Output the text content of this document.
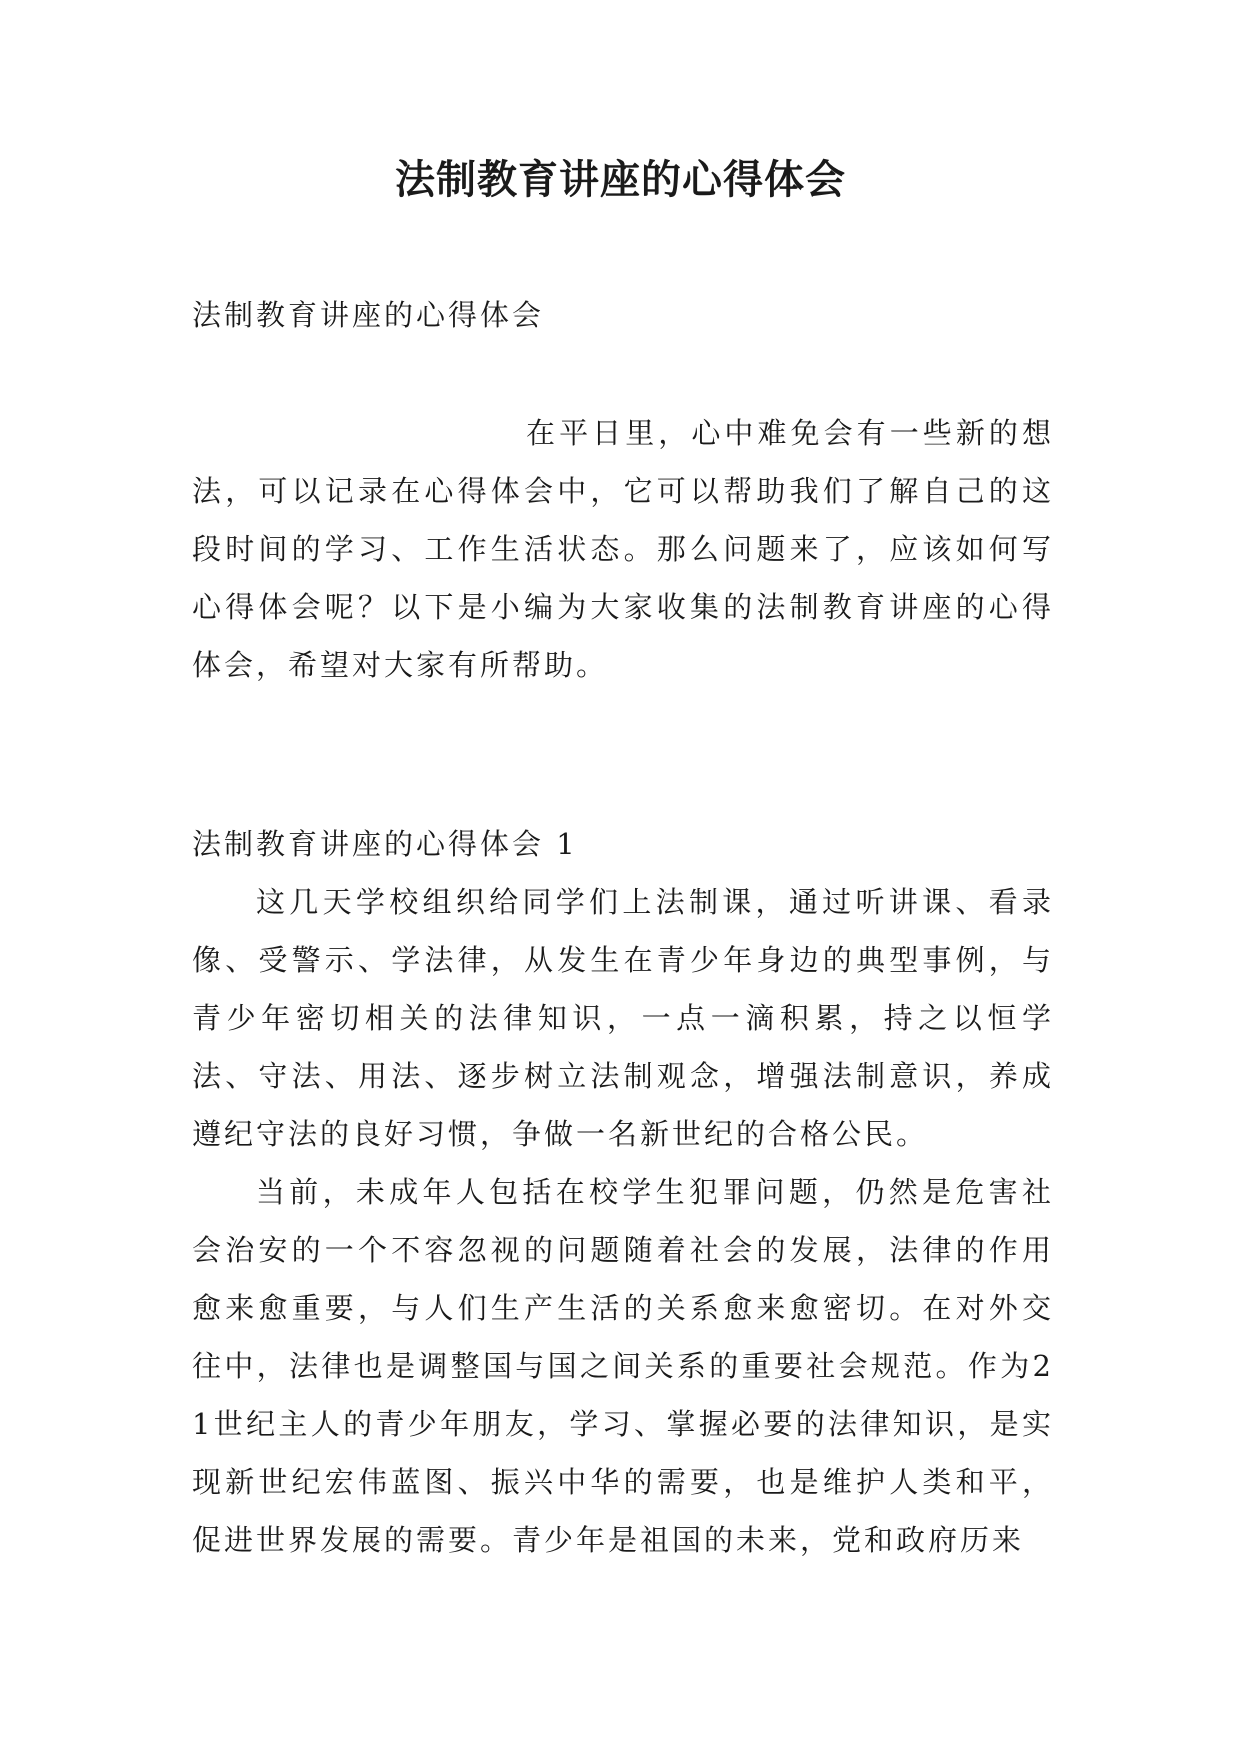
法制教育讲座的心得体会
法制教育讲座的心得体会
在平日里，心中难免会有一些新的想法，可以记录在心得体会中，它可以帮助我们了解自己的这段时间的学习、工作生活状态。那么问题来了，应该如何写心得体会呢？以下是小编为大家收集的法制教育讲座的心得体会，希望对大家有所帮助。
法制教育讲座的心得体会 1
这几天学校组织给同学们上法制课，通过听讲课、看录像、受警示、学法律，从发生在青少年身边的典型事例，与青少年密切相关的法律知识，一点一滴积累，持之以恒学法、守法、用法、逐步树立法制观念，增强法制意识，养成遵纪守法的良好习惯，争做一名新世纪的合格公民。
当前，未成年人包括在校学生犯罪问题，仍然是危害社会治安的一个不容忽视的问题随着社会的发展，法律的作用愈来愈重要，与人们生产生活的关系愈来愈密切。在对外交往中，法律也是调整国与国之间关系的重要社会规范。作为21世纪主人的青少年朋友，学习、掌握必要的法律知识，是实现新世纪宏伟蓝图、振兴中华的需要，也是维护人类和平，促进世界发展的需要。青少年是祖国的未来，党和政府历来
